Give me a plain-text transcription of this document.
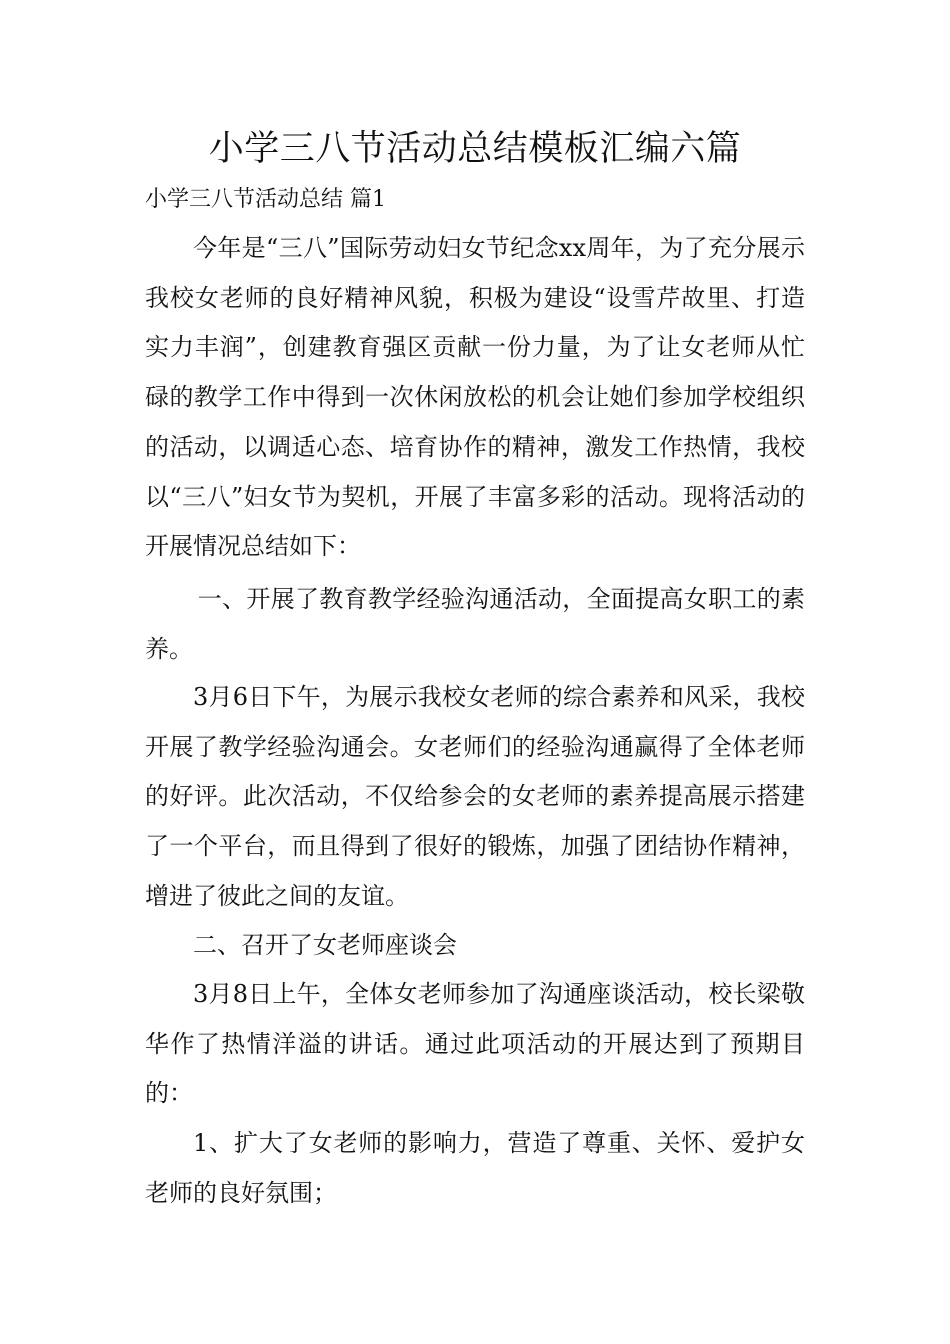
小学三八节活动总结模板汇编六篇
小学三八节活动总结 篇1

今年是“三八”国际劳动妇女节纪念xx周年，为了充分展示我校女老师的良好精神风貌，积极为建设“设雪芹故里、打造实力丰润”，创建教育强区贡献一份力量，为了让女老师从忙碌的教学工作中得到一次休闲放松的机会让她们参加学校组织的活动，以调适心态、培育协作的精神，激发工作热情，我校以“三八”妇女节为契机，开展了丰富多彩的活动。现将活动的开展情况总结如下：

一、开展了教育教学经验沟通活动，全面提高女职工的素养。

3月6日下午，为展示我校女老师的综合素养和风采，我校开展了教学经验沟通会。女老师们的经验沟通赢得了全体老师的好评。此次活动，不仅给参会的女老师的素养提高展示搭建了一个平台，而且得到了很好的锻炼，加强了团结协作精神，增进了彼此之间的友谊。

二、召开了女老师座谈会

3月8日上午，全体女老师参加了沟通座谈活动，校长梁敬华作了热情洋溢的讲话。通过此项活动的开展达到了预期目的：

1、扩大了女老师的影响力，营造了尊重、关怀、爱护女老师的良好氛围；
